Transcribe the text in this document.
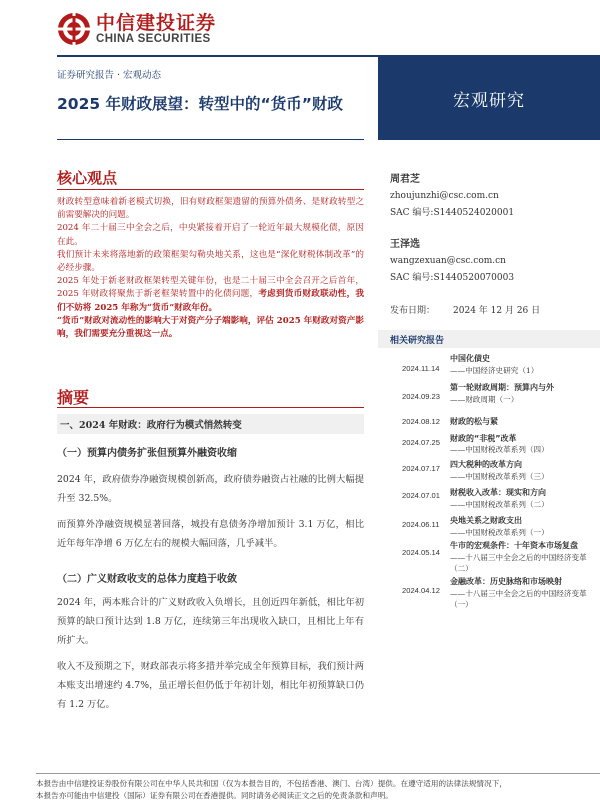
中信建投证券
CHINA SECURITIES
证券研究报告 · 宏观动态
2025 年财政展望：转型中的“货币”财政	宏观研究
核心观点

财政转型意味着新老模式切换，旧有财政框架遗留的预算外债务、是财政转型之前需要解决的问题。

2024 年二十届三中全会之后，中央紧接着开启了一轮近年最大规模化债，原因在此。

我们预计未来将落地新的政策框架勾勒央地关系，这也是“深化财税体制改革”的必经步骤。

2025 年处于新老财政框架转型关键年份，也是二十届三中全会召开之后首年，2025 年财政将聚焦于新老框架转置中的化债问题，考虑到货币财政联动性，我们不妨将 2025 年称为“货币”财政年份。

“货币”财政对流动性的影响大于对资产分子端影响，评估 2025 年财政对资产影响，我们需要充分重视这一点。

摘要
一、2024 年财政：政府行为模式悄然转变
（一）预算内债务扩张但预算外融资收缩
2024 年，政府债券净融资规模创新高，政府债券融资占社融的比例大幅提升至 32.5%。
而预算外净融资规模显著回落，城投有息债务净增加预计 3.1 万亿，相比近年每年净增 6 万亿左右的规模大幅回落，几乎减半。
（二）广义财政收支的总体力度趋于收敛
2024 年，两本账合计的广义财政收入负增长，且创近四年新低，相比年初预算的缺口预计达到 1.8 万亿，连续第三年出现收入缺口，且相比上年有所扩大。
收入不及预期之下，财政部表示将多措并举完成全年预算目标，我们预计两本账支出增速约 4.7%，虽正增长但仍低于年初计划，相比年初预算缺口仍有 1.2 万亿。
周君芝
zhoujunzhi@csc.com.cn
SAC 编号:S1440524020001
王泽选
wangzexuan@csc.com.cn
SAC 编号:S1440520070003
发布日期： 2024 年 12 月 26 日
相关研究报告
2024.11.14
中国化债史
——中国经济史研究（1）
2024.09.23
第一轮财政周期：预算内与外
——财政周期（一）
2024.08.12 财政的松与紧
2024.07.25 财政的“非税”改革
——中国财税改革系列（四）
2024.07.17 四大税种的改革方向
——中国财税改革系列（三）
2024.07.01 财税收入改革：现实和方向
——中国财税改革系列（二）
2024.06.11 央地关系之财政支出
——中国财税改革系列（一）
2024.05.14
牛市的宏观条件：十年资本市场复盘
——十八届三中全会之后的中国经济变革（二）
2024.04.12
金融改革：历史脉络和市场映射
——十八届三中全会之后的中国经济变革（一）
本报告由中信建投证券股份有限公司在中华人民共和国（仅为本报告目的，不包括香港、澳门、台湾）提供。在遵守适用的法律法规情况下，
本报告亦可能由中信建投（国际）证券有限公司在香港提供。同时请务必阅读正文之后的免责条款和声明。
